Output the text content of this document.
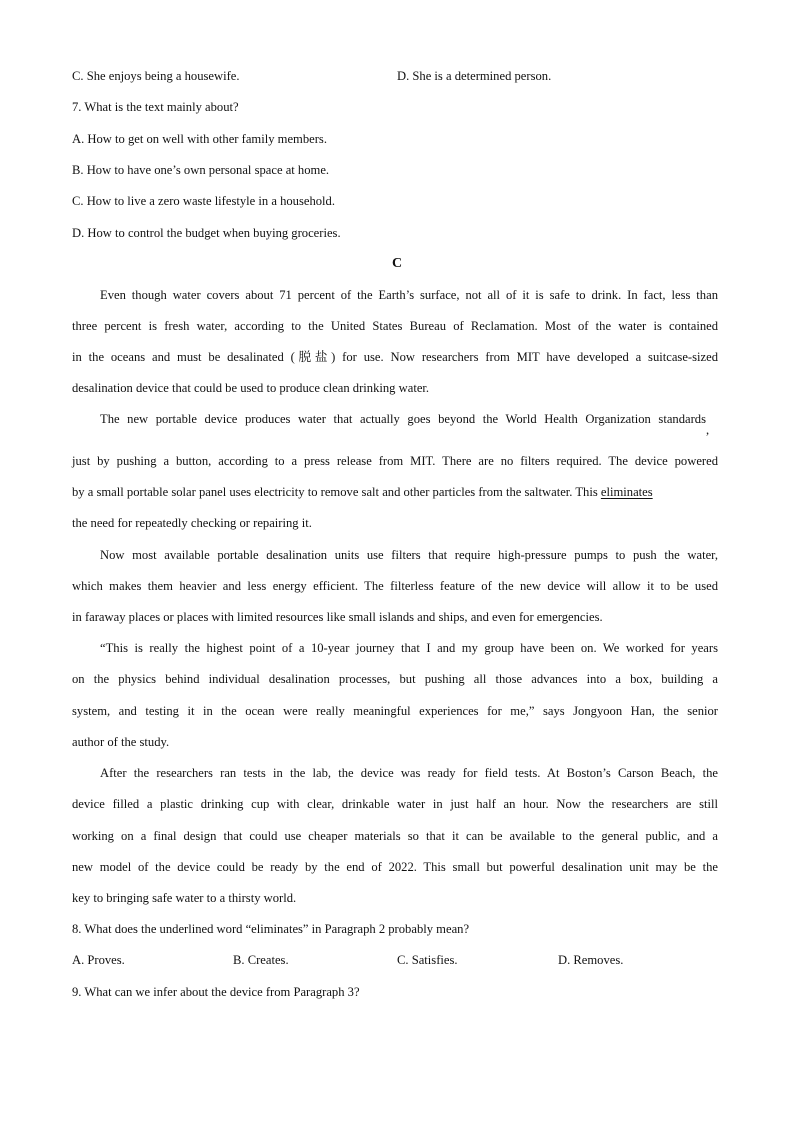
C. She enjoys being a housewife.	D. She is a determined person.
7. What is the text mainly about?
A. How to get on well with other family members.
B. How to have one’s own personal space at home.
C. How to live a zero waste lifestyle in a household.
D. How to control the budget when buying groceries.
C
Even though water covers about 71 percent of the Earth’s surface, not all of it is safe to drink. In fact, less than
three percent is fresh water, according to the United States Bureau of Reclamation. Most of the water is contained
in the oceans and must be desalinated (脱盐) for use. Now researchers from MIT have developed a suitcase-sized
desalination device that could be used to produce clean drinking water.
The new portable device produces water that actually goes beyond the World Health Organization standards
,
just by pushing a button, according to a press release from MIT. There are no filters required. The device powered
by a small portable solar panel uses electricity to remove salt and other particles from the saltwater. This eliminates
the need for repeatedly checking or repairing it.
Now most available portable desalination units use filters that require high-pressure pumps to push the water,
which makes them heavier and less energy efficient. The filterless feature of the new device will allow it to be used
in faraway places or places with limited resources like small islands and ships, and even for emergencies.
“This is really the highest point of a 10-year journey that I and my group have been on. We worked for years
on the physics behind individual desalination processes, but pushing all those advances into a box, building a
system, and testing it in the ocean were really meaningful experiences for me,” says Jongyoon Han, the senior
author of the study.
After the researchers ran tests in the lab, the device was ready for field tests. At Boston’s Carson Beach, the
device filled a plastic drinking cup with clear, drinkable water in just half an hour. Now the researchers are still
working on a final design that could use cheaper materials so that it can be available to the general public, and a
new model of the device could be ready by the end of 2022. This small but powerful desalination unit may be the
key to bringing safe water to a thirsty world.
8. What does the underlined word “eliminates” in Paragraph 2 probably mean?
A. Proves.	B. Creates.	C. Satisfies.	D. Removes.
9. What can we infer about the device from Paragraph 3?
